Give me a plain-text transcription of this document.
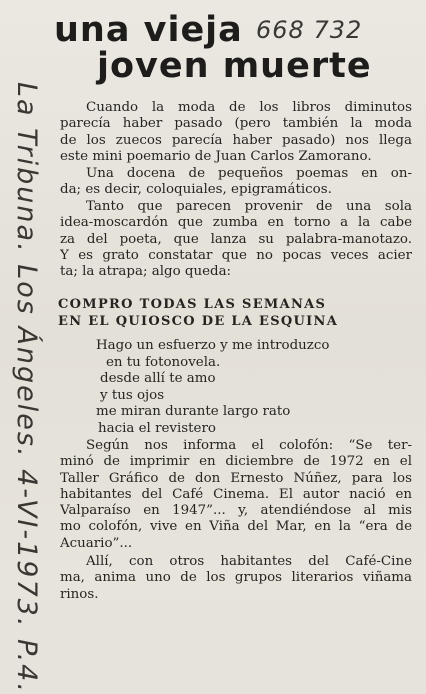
La Tribuna. Los Ángeles. 4-VI-1973. P.4.
una vieja
joven muerte
668 732
Cuando la moda de los libros diminutos
parecía haber pasado (pero también la moda
de los zuecos parecía haber pasado) nos llega
este mini poemario de Juan Carlos Zamorano.
Una docena de pequeños poemas en on-
da; es decir, coloquiales, epigramáticos.
Tanto que parecen provenir de una sola
idea-moscardón que zumba en torno a la cabe
za del poeta, que lanza su palabra-manotazo.
Y es grato constatar que no pocas veces acier
ta; la atrapa; algo queda:
COMPRO TODAS LAS SEMANAS
EN EL QUIOSCO DE LA ESQUINA
Hago un esfuerzo y me introduzco
en tu fotonovela.
desde allí te amo
y tus ojos
me miran durante largo rato
hacia el revistero
Según nos informa el colofón: “Se ter-
minó de imprimir en diciembre de 1972 en el
Taller Gráfico de don Ernesto Núñez, para los
habitantes del Café Cinema. El autor nació en
Valparaíso en 1947”... y, atendiéndose al mis
mo colofón, vive en Viña del Mar, en la “era de
Acuario”...
Allí, con otros habitantes del Café-Cine
ma, anima uno de los grupos literarios viñama
rinos.
